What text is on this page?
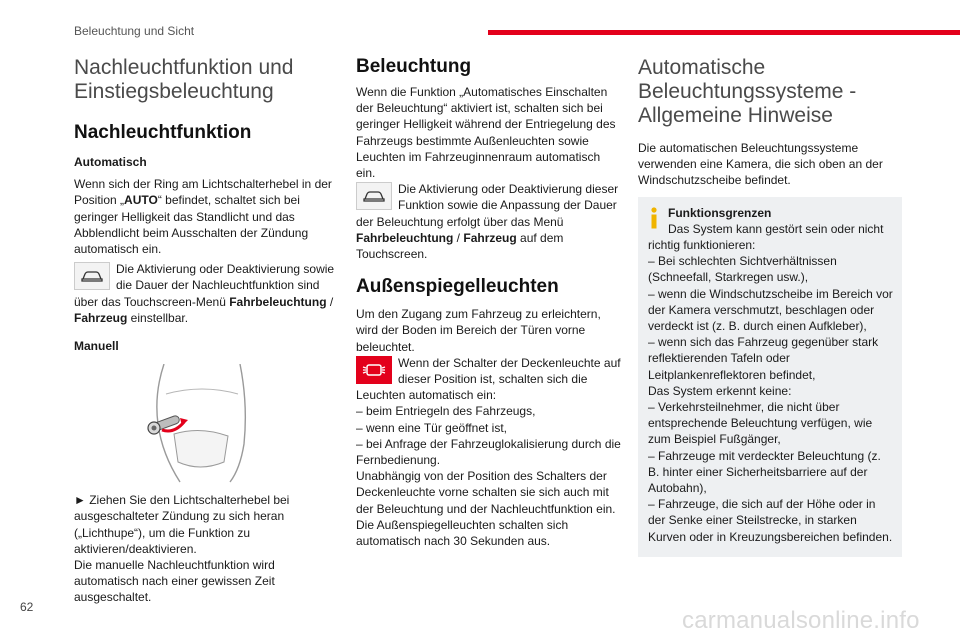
Beleuchtung und Sicht
Nachleuchtfunktion und Einstiegsbeleuchtung
Nachleuchtfunktion

Automatisch

Wenn sich der Ring am Lichtschalterhebel in der Position „AUTO“ befindet, schaltet sich bei geringer Helligkeit das Standlicht und das Abblendlicht beim Ausschalten der Zündung automatisch ein.

Die Aktivierung oder Deaktivierung sowie die Dauer der Nachleuchtfunktion sind über das Touchscreen-Menü Fahrbeleuchtung / Fahrzeug einstellbar.

Manuell

► Ziehen Sie den Lichtschalterhebel bei ausgeschalteter Zündung zu sich heran („Lichthupe“), um die Funktion zu aktivieren/deaktivieren.

Die manuelle Nachleuchtfunktion wird automatisch nach einer gewissen Zeit ausgeschaltet.

Beleuchtung

Wenn die Funktion „Automatisches Einschalten der Beleuchtung“ aktiviert ist, schalten sich bei geringer Helligkeit während der Entriegelung des Fahrzeugs bestimmte Außenleuchten sowie Leuchten im Fahrzeuginnenraum automatisch ein.

Die Aktivierung oder Deaktivierung dieser Funktion sowie die Anpassung der Dauer der Beleuchtung erfolgt über das Menü Fahrbeleuchtung / Fahrzeug auf dem Touchscreen.

Außenspiegelleuchten

Um den Zugang zum Fahrzeug zu erleichtern, wird der Boden im Bereich der Türen vorne beleuchtet.

Wenn der Schalter der Deckenleuchte auf dieser Position ist, schalten sich die Leuchten automatisch ein:

– beim Entriegeln des Fahrzeugs,

– wenn eine Tür geöffnet ist,

– bei Anfrage der Fahrzeuglokalisierung durch die Fernbedienung.

Unabhängig von der Position des Schalters der Deckenleuchte vorne schalten sie sich auch mit der Beleuchtung und der Nachleuchtfunktion ein.

Die Außenspiegelleuchten schalten sich automatisch nach 30 Sekunden aus.

Automatische Beleuchtungssysteme - Allgemeine Hinweise

Die automatischen Beleuchtungssysteme verwenden eine Kamera, die sich oben an der Windschutzscheibe befindet.

Funktionsgrenzen

Das System kann gestört sein oder nicht richtig funktionieren:

– Bei schlechten Sichtverhältnissen (Schneefall, Starkregen usw.),

– wenn die Windschutzscheibe im Bereich vor der Kamera verschmutzt, beschlagen oder verdeckt ist (z. B. durch einen Aufkleber),

– wenn sich das Fahrzeug gegenüber stark reflektierenden Tafeln oder Leitplankenreflektoren befindet,

Das System erkennt keine:

– Verkehrsteilnehmer, die nicht über entsprechende Beleuchtung verfügen, wie zum Beispiel Fußgänger,

– Fahrzeuge mit verdeckter Beleuchtung (z. B. hinter einer Sicherheitsbarriere auf der Autobahn),

– Fahrzeuge, die sich auf der Höhe oder in der Senke einer Steilstrecke, in starken Kurven oder in Kreuzungsbereichen befinden.

62	carmanualsonline.info
